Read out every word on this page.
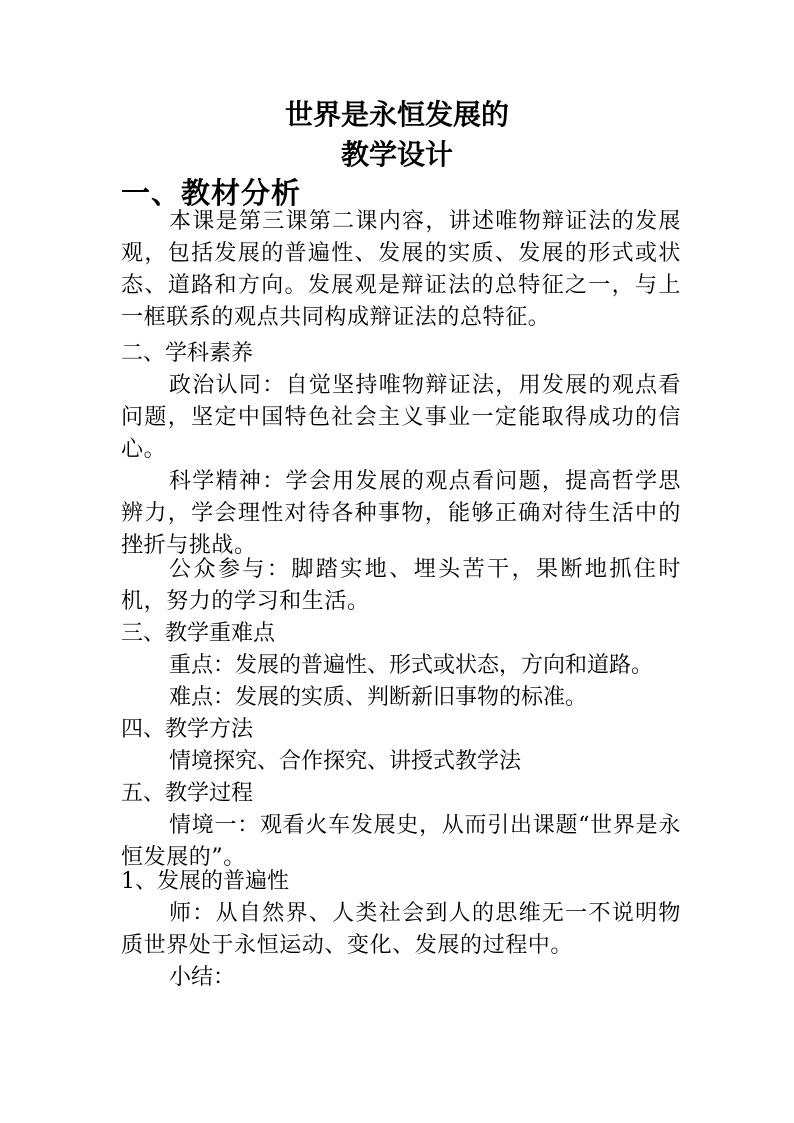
世界是永恒发展的
教学设计
一、教材分析

本课是第三课第二课内容，讲述唯物辩证法的发展观，包括发展的普遍性、发展的实质、发展的形式或状态、道路和方向。发展观是辩证法的总特征之一，与上一框联系的观点共同构成辩证法的总特征。

二、学科素养

政治认同：自觉坚持唯物辩证法，用发展的观点看问题，坚定中国特色社会主义事业一定能取得成功的信心。

科学精神：学会用发展的观点看问题，提高哲学思辨力，学会理性对待各种事物，能够正确对待生活中的挫折与挑战。

公众参与：脚踏实地、埋头苦干，果断地抓住时机，努力的学习和生活。

三、教学重难点

重点：发展的普遍性、形式或状态，方向和道路。

难点：发展的实质、判断新旧事物的标准。

四、教学方法

情境探究、合作探究、讲授式教学法

五、教学过程

情境一：观看火车发展史，从而引出课题“世界是永恒发展的”。

1、发展的普遍性

师：从自然界、人类社会到人的思维无一不说明物质世界处于永恒运动、变化、发展的过程中。

小结：
